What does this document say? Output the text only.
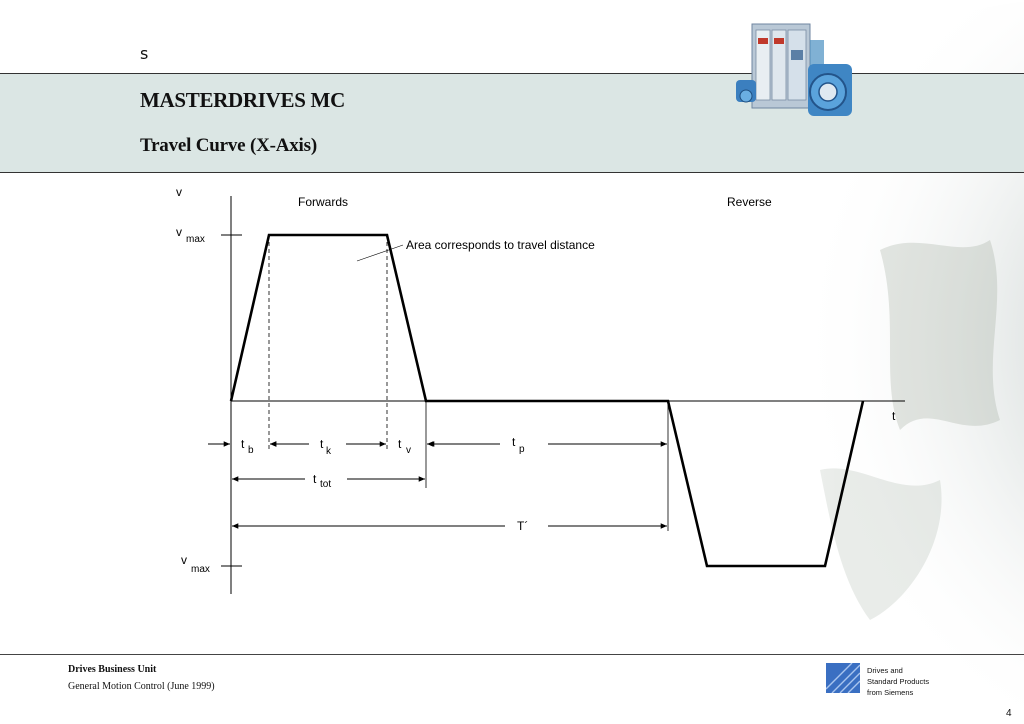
s
MASTERDRIVES MC
Travel Curve (X-Axis)
v
t
v
max
v
max
Forwards	Reverse
Area corresponds to travel distance
t b	t
k
t v
t
p
t tot
T´
Drives Business Unit
General Motion Control (June 1999)
Drives and
Standard Products
from Siemens
4
